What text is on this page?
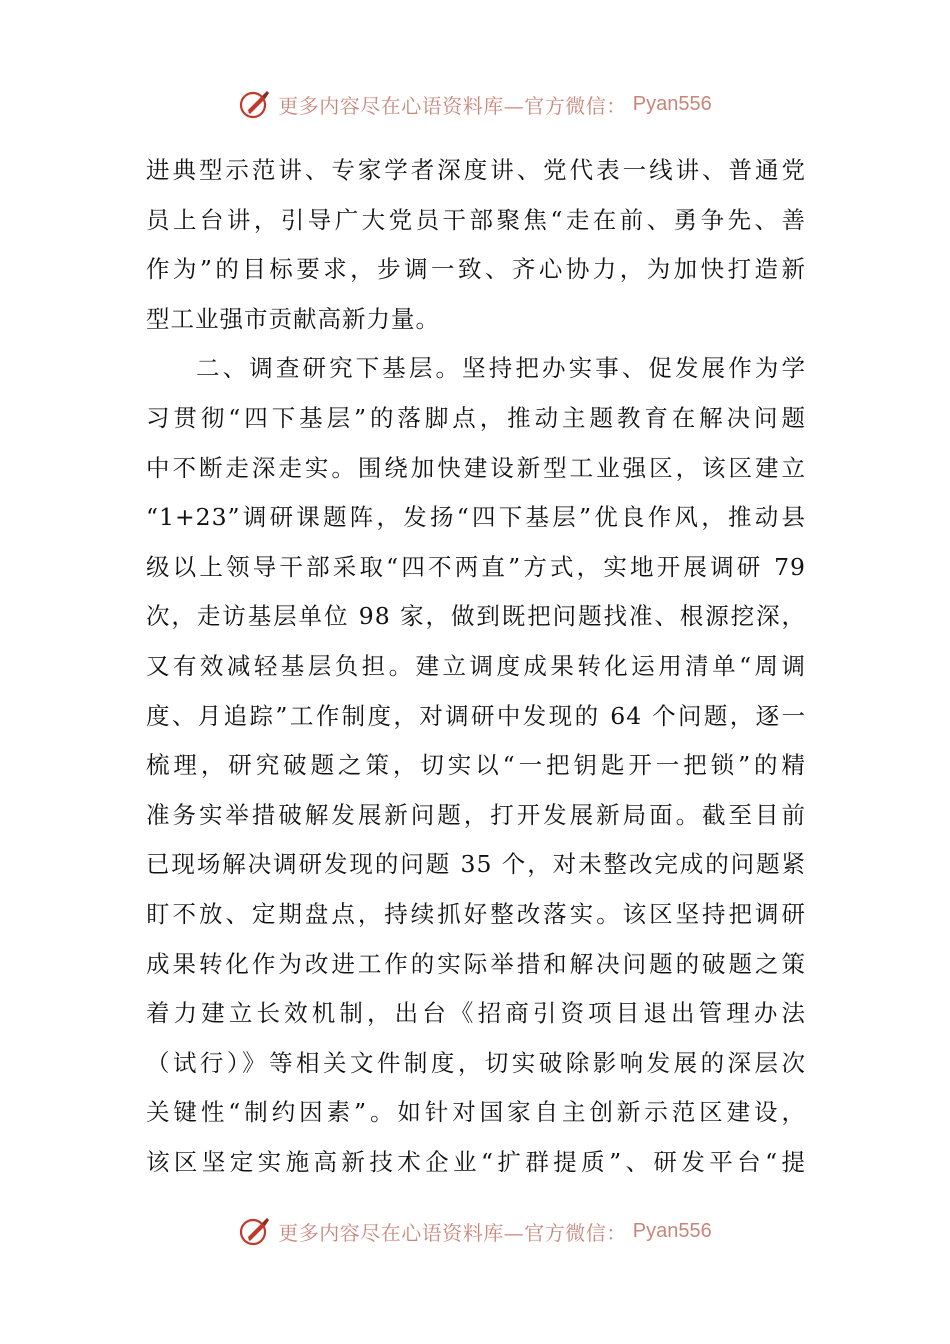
更多内容尽在心语资料库—官方微信： Pyan556
进典型示范讲、专家学者深度讲、党代表一线讲、普通党
员上台讲，引导广大党员干部聚焦“走在前、勇争先、善
作为”的目标要求，步调一致、齐心协力，为加快打造新
型工业强市贡献高新力量。
二、调查研究下基层。坚持把办实事、促发展作为学
习贯彻“四下基层”的落脚点，推动主题教育在解决问题
中不断走深走实。围绕加快建设新型工业强区，该区建立
“1+23”调研课题阵，发扬“四下基层”优良作风，推动县
级以上领导干部采取“四不两直”方式，实地开展调研 79
次，走访基层单位 98 家，做到既把问题找准、根源挖深，
又有效减轻基层负担。建立调度成果转化运用清单“周调
度、月追踪”工作制度，对调研中发现的 64 个问题，逐一
梳理，研究破题之策，切实以“一把钥匙开一把锁”的精
准务实举措破解发展新问题，打开发展新局面。截至目前
已现场解决调研发现的问题 35 个，对未整改完成的问题紧
盯不放、定期盘点，持续抓好整改落实。该区坚持把调研
成果转化作为改进工作的实际举措和解决问题的破题之策
着力建立长效机制，出台《招商引资项目退出管理办法
（试行）》等相关文件制度，切实破除影响发展的深层次
关键性“制约因素”。如针对国家自主创新示范区建设，
该区坚定实施高新技术企业“扩群提质”、研发平台“提
更多内容尽在心语资料库—官方微信： Pyan556
